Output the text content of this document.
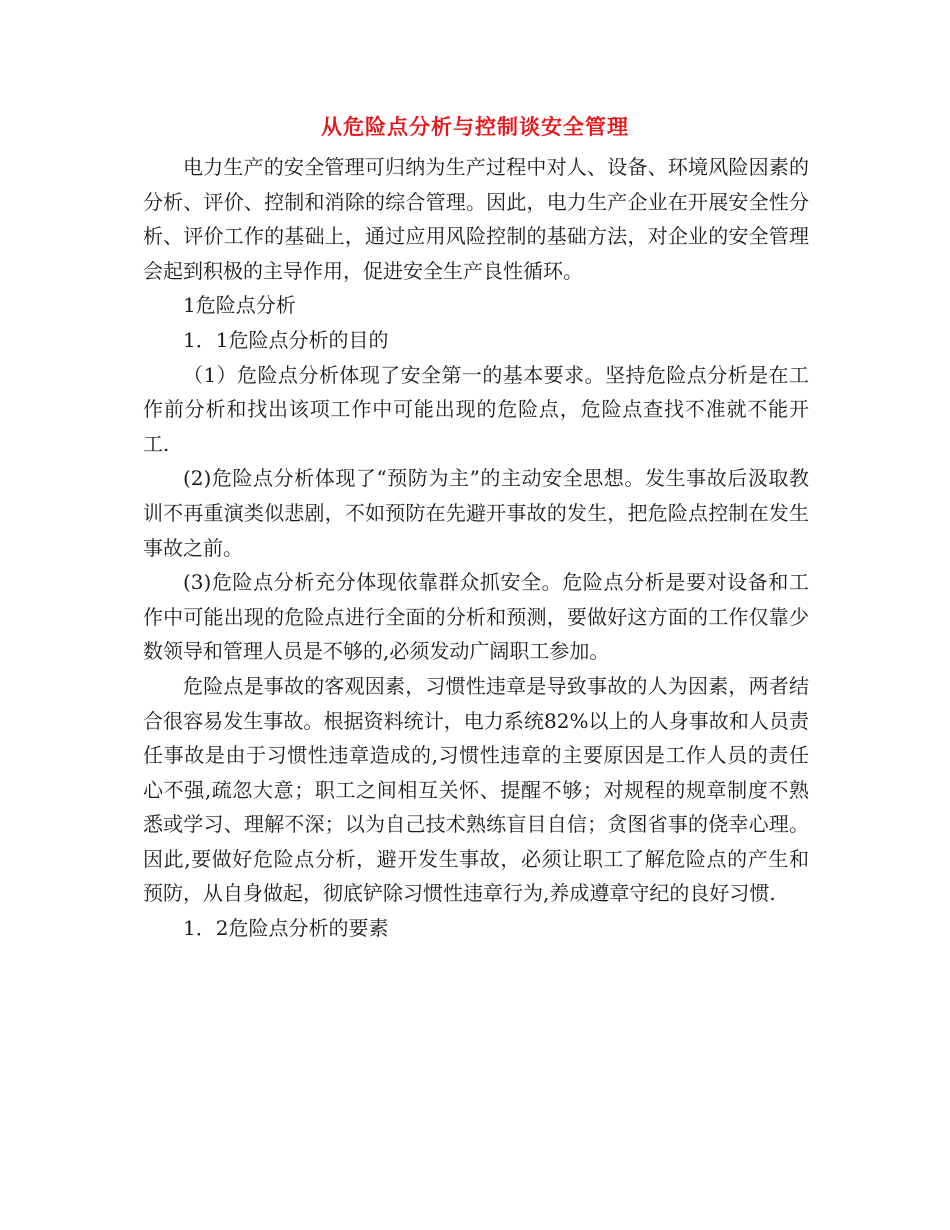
从危险点分析与控制谈安全管理

电力生产的安全管理可归纳为生产过程中对人、设备、环境风险因素的分析、评价、控制和消除的综合管理。因此，电力生产企业在开展安全性分析、评价工作的基础上，通过应用风险控制的基础方法，对企业的安全管理会起到积极的主导作用，促进安全生产良性循环。

1危险点分析

1．1危险点分析的目的

（1）危险点分析体现了安全第一的基本要求。坚持危险点分析是在工作前分析和找出该项工作中可能出现的危险点，危险点查找不准就不能开工.

(2)危险点分析体现了“预防为主”的主动安全思想。发生事故后汲取教训不再重演类似悲剧，不如预防在先避开事故的发生，把危险点控制在发生事故之前。

(3)危险点分析充分体现依靠群众抓安全。危险点分析是要对设备和工作中可能出现的危险点进行全面的分析和预测，要做好这方面的工作仅靠少数领导和管理人员是不够的,必须发动广阔职工参加。

危险点是事故的客观因素，习惯性违章是导致事故的人为因素，两者结合很容易发生事故。根据资料统计，电力系统82%以上的人身事故和人员责任事故是由于习惯性违章造成的,习惯性违章的主要原因是工作人员的责任心不强,疏忽大意；职工之间相互关怀、提醒不够；对规程的规章制度不熟悉或学习、理解不深；以为自己技术熟练盲目自信；贪图省事的侥幸心理。因此,要做好危险点分析，避开发生事故，必须让职工了解危险点的产生和预防，从自身做起，彻底铲除习惯性违章行为,养成遵章守纪的良好习惯.

1．2危险点分析的要素
